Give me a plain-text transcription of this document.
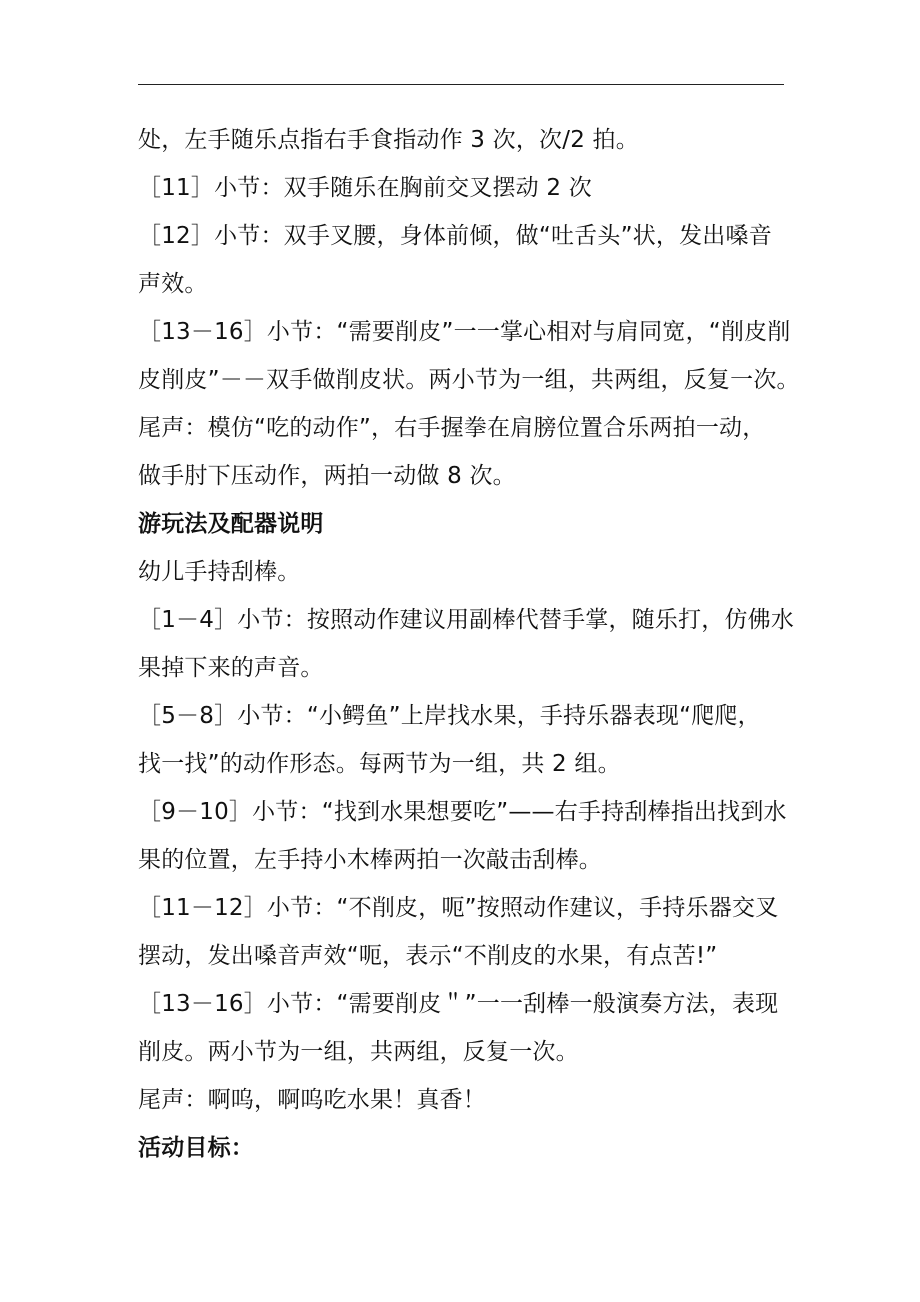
处，左手随乐点指右手食指动作 3 次，次/2 拍。
［11］小节：双手随乐在胸前交叉摆动 2 次
［12］小节：双手叉腰，身体前倾，做“吐舌头”状，发出嗓音
声效。
［13－16］小节：“需要削皮”一一掌心相对与肩同宽，“削皮削
皮削皮”－－双手做削皮状。两小节为一组，共两组，反复一次。
尾声：模仿“吃的动作”，右手握拳在肩膀位置合乐两拍一动，
做手肘下压动作，两拍一动做 8 次。
游玩法及配器说明
幼儿手持刮棒。
［1－4］小节：按照动作建议用副棒代替手掌，随乐打，仿佛水
果掉下来的声音。
［5－8］小节：“小鳄鱼”上岸找水果，手持乐器表现“爬爬，
找一找”的动作形态。每两节为一组，共 2 组。
［9－10］小节：“找到水果想要吃”——右手持刮棒指出找到水
果的位置，左手持小木棒两拍一次敲击刮棒。
［11－12］小节：“不削皮，呃”按照动作建议，手持乐器交叉
摆动，发出嗓音声效“呃，表示“不削皮的水果，有点苦!”
［13－16］小节：“需要削皮＂”一一刮棒一般演奏方法，表现
削皮。两小节为一组，共两组，反复一次。
尾声：啊呜，啊呜吃水果！真香！
活动目标：
